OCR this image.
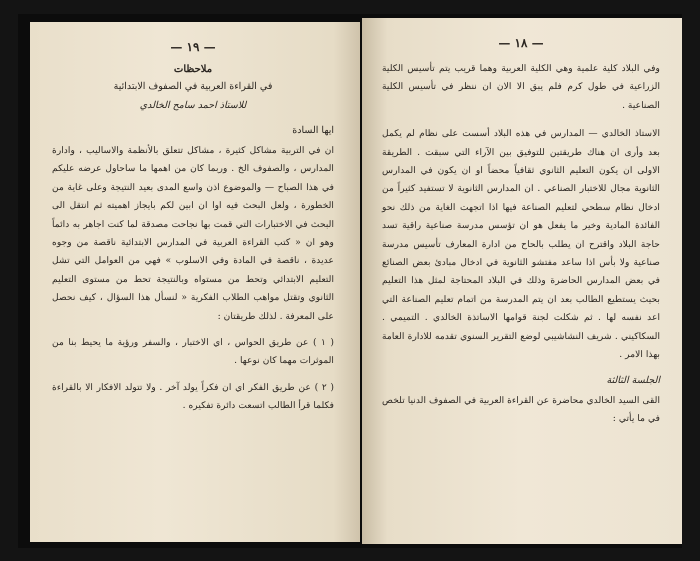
— ١٩ —
ملاحظات
في القراءة العربية في الصفوف الابتدائية
للاستاذ احمد سامح الخالدي
ايها السادة

ان في التربية مشاكل كثيرة ، مشاكل تتعلق بالأنظمة والاساليب ، وادارة المدارس ، والصفوف الخ . وربما كان من اهمها ما ساحاول عرضه عليكم في هذا الصباح — والموضوع اذن واسع المدى بعيد النتيجة وعلى غاية من الخطورة ، ولعل البحث فيه اوا ان ابين لكم بايجاز اهميته ثم انتقل الى البحث في الاختبارات التي قمت بها نجاحت مصدقة لما كنت اجاهر به دائماً وهو ان « كتب القراءة العربية في المدارس الابتدائية ناقصة من وجوه عديدة ، ناقصة في المادة وفي الاسلوب » فهي من العوامل التي تشل التعليم الابتدائي وتحط من مستواه وبالنتيجة تحط من مستوى التعليم الثانوي وتقتل مواهب الطلاب الفكرية « لنسأل هذا السؤال ، كيف نحصل على المعرفة . لذلك طريقتان :

( ١ ) عن طريق الحواس ، اي الاختبار ، والسفر ورؤية ما يحيط بنا من الموثرات مهما كان نوعها .

( ٢ ) عن طريق الفكر اي ان فكراً يولد آخر . ولا تتولد الافكار الا بالقراءة فكلما قرأ الطالب اتسعت دائرة تفكيره .

— ١٨ —

وفي البلاد كلية علمية وهي الكلية العربية وهما قريب يتم تأسيس الكلية الزراعية في طول كرم فلم يبق الا الان ان ننظر في تأسيس الكلية الصناعية .

الاستاذ الخالدي — المدارس في هذه البلاد أسست على نظام لم يكمل بعد وأرى ان هناك طريقتين للتوفيق بين الآراء التي سبقت . الطريقة الاولى ان يكون التعليم الثانوي ثقافياً محضاً او ان يكون في المدارس الثانوية مجال للاختبار الصناعي . ان المدارس الثانوية لا تستفيد كثيراً من ادخال نظام سطحي لتعليم الصناعة فيها اذا اتجهت الغاية من ذلك نحو الفائدة المادية وخير ما يفعل هو ان تؤسس مدرسة صناعية راقية تسد حاجة البلاد واقترح ان يطلب بالحاح من ادارة المعارف تأسيس مدرسة صناعية ولا بأس اذا ساعد مفتشو الثانوية في ادخال مبادئ بعض الصنائع في بعض المدارس الحاضرة وذلك في البلاد المحتاجة لمثل هذا التعليم بحيث يستطيع الطالب بعد ان يتم المدرسة من اتمام تعليم الصناعة التي اعد نفسه لها . ثم شكلت لجنة قوامها الاساتذة الخالدي . التميمي . السكاكيني . شريف النشاشيبي لوضع التقرير السنوي تقدمه للادارة العامة بهذا الامر .

الجلسة الثالثة

القى السيد الخالدي محاضرة عن القراءة العربية في الصفوف الدنيا تلخص في ما يأتي :
